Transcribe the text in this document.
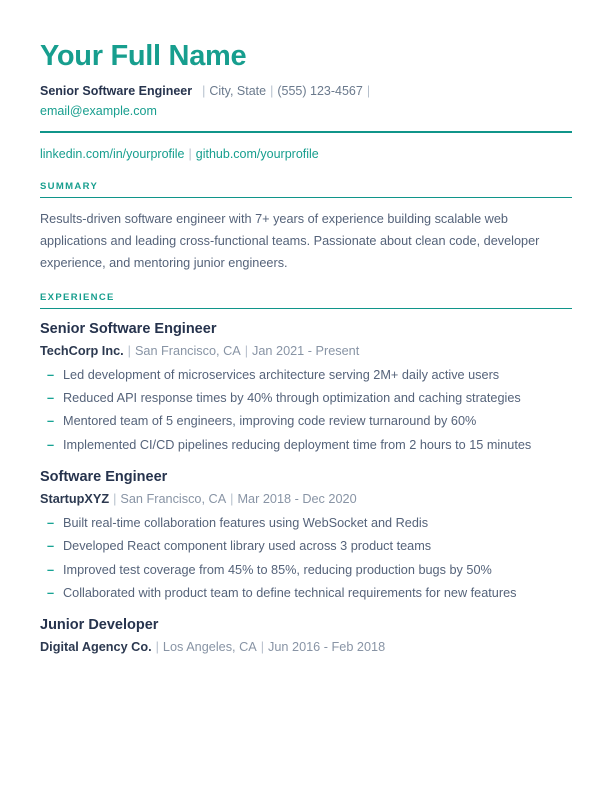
Your Full Name

Senior Software Engineer | City, State | (555) 123-4567 |

email@example.com

linkedin.com/in/yourprofile | github.com/yourprofile

SUMMARY

Results-driven software engineer with 7+ years of experience building scalable web applications and leading cross-functional teams. Passionate about clean code, developer experience, and mentoring junior engineers.

EXPERIENCE
Senior Software Engineer
TechCorp Inc. | San Francisco, CA | Jan 2021 - Present
– Led development of microservices architecture serving 2M+ daily active users
– Reduced API response times by 40% through optimization and caching strategies
– Mentored team of 5 engineers, improving code review turnaround by 60%
– Implemented CI/CD pipelines reducing deployment time from 2 hours to 15 minutes
Software Engineer
StartupXYZ | San Francisco, CA | Mar 2018 - Dec 2020
– Built real-time collaboration features using WebSocket and Redis
– Developed React component library used across 3 product teams
– Improved test coverage from 45% to 85%, reducing production bugs by 50%
– Collaborated with product team to define technical requirements for new features
Junior Developer
Digital Agency Co. | Los Angeles, CA | Jun 2016 - Feb 2018
